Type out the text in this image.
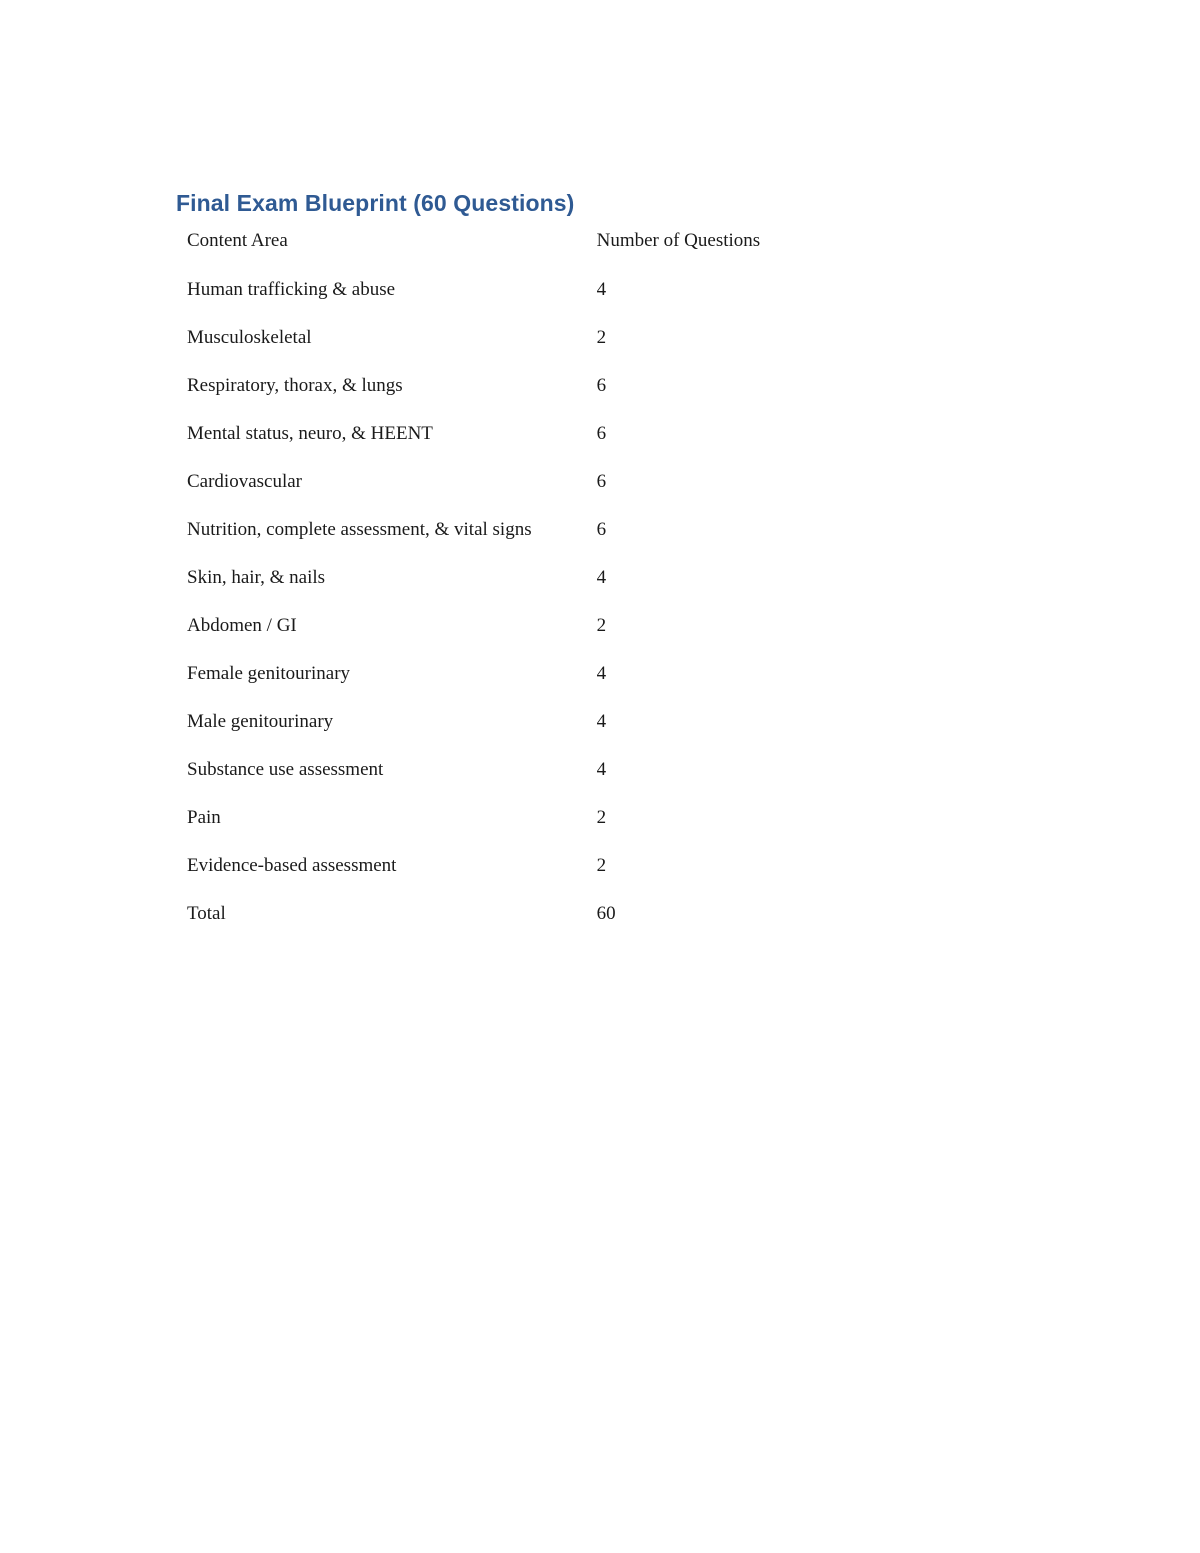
Final Exam Blueprint (60 Questions)
Content Area	Number of Questions
Human trafficking & abuse	4
Musculoskeletal	2
Respiratory, thorax, & lungs	6
Mental status, neuro, & HEENT	6
Cardiovascular	6
Nutrition, complete assessment, & vital signs	6
Skin, hair, & nails	4
Abdomen / GI	2
Female genitourinary	4
Male genitourinary	4
Substance use assessment	4
Pain	2
Evidence-based assessment	2
Total	60
